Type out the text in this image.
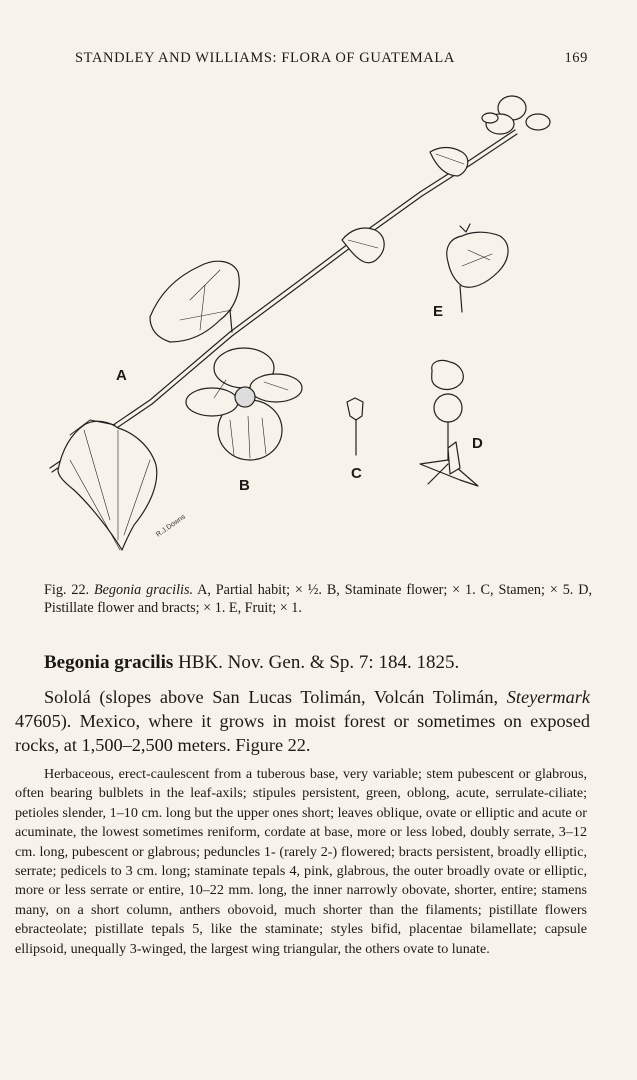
STANDLEY AND WILLIAMS: FLORA OF GUATEMALA	169
A
B
C
D
E
R.J.Downs
Fig. 22. Begonia gracilis. A, Partial habit; × ½. B, Staminate flower; × 1. C, Stamen; × 5. D, Pistillate flower and bracts; × 1. E, Fruit; × 1.
Begonia gracilis HBK. Nov. Gen. & Sp. 7: 184. 1825.
Sololá (slopes above San Lucas Tolimán, Volcán Tolimán, Steyermark 47605). Mexico, where it grows in moist forest or sometimes on exposed rocks, at 1,500–2,500 meters. Figure 22.
Herbaceous, erect-caulescent from a tuberous base, very variable; stem pubescent or glabrous, often bearing bulblets in the leaf-axils; stipules persistent, green, oblong, acute, serrulate-ciliate; petioles slender, 1–10 cm. long but the upper ones short; leaves oblique, ovate or elliptic and acute or acuminate, the lowest sometimes reniform, cordate at base, more or less lobed, doubly serrate, 3–12 cm. long, pubescent or glabrous; peduncles 1- (rarely 2-) flowered; bracts persistent, broadly elliptic, serrate; pedicels to 3 cm. long; staminate tepals 4, pink, glabrous, the outer broadly ovate or elliptic, more or less serrate or entire, 10–22 mm. long, the inner narrowly obovate, shorter, entire; stamens many, on a short column, anthers obovoid, much shorter than the filaments; pistillate flowers ebracteolate; pistillate tepals 5, like the staminate; styles bifid, placentae bilamellate; capsule ellipsoid, unequally 3-winged, the largest wing triangular, the others ovate to lunate.
